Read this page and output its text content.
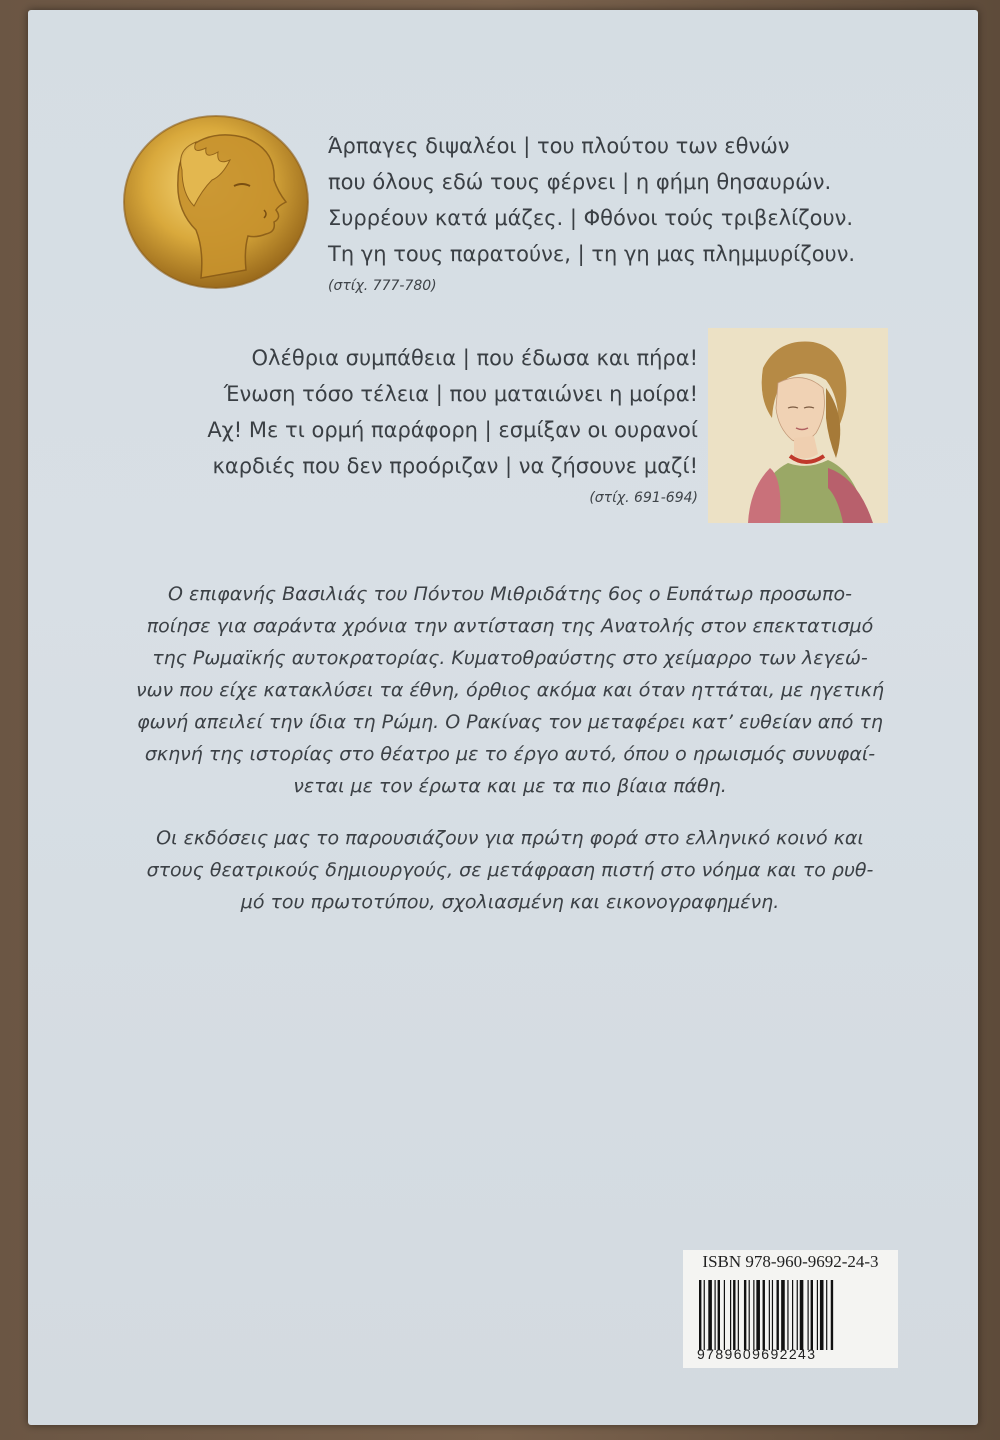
Άρπαγες διψαλέοι | του πλούτου των εθνών
που όλους εδώ τους φέρνει | η φήμη θησαυρών.
Συρρέουν κατά μάζες. | Φθόνοι τούς τριβελίζουν.
Τη γη τους παρατούνε, | τη γη μας πλημμυρίζουν.
(στίχ. 777-780)
Ολέθρια συμπάθεια | που έδωσα και πήρα!
Ένωση τόσο τέλεια | που ματαιώνει η μοίρα!
Αχ! Με τι ορμή παράφορη | εσμίξαν οι ουρανοί
καρδιές που δεν προόριζαν | να ζήσουνε μαζί!
(στίχ. 691-694)
Ο επιφανής Βασιλιάς του Πόντου Μιθριδάτης 6ος ο Ευπάτωρ προσωπο-
ποίησε για σαράντα χρόνια την αντίσταση της Ανατολής στον επεκτατισμό
της Ρωμαϊκής αυτοκρατορίας. Κυματοθραύστης στο χείμαρρο των λεγεώ-
νων που είχε κατακλύσει τα έθνη, όρθιος ακόμα και όταν ηττάται, με ηγετική
φωνή απειλεί την ίδια τη Ρώμη. Ο Ρακίνας τον μεταφέρει κατ’ ευθείαν από τη
σκηνή της ιστορίας στο θέατρο με το έργο αυτό, όπου ο ηρωισμός συνυφαί-
νεται με τον έρωτα και με τα πιο βίαια πάθη.
Οι εκδόσεις μας το παρουσιάζουν για πρώτη φορά στο ελληνικό κοινό και
στους θεατρικούς δημιουργούς, σε μετάφραση πιστή στο νόημα και το ρυθ-
μό του πρωτοτύπου, σχολιασμένη και εικονογραφημένη.
ISBN 978-960-9692-24-3
9789609692243
